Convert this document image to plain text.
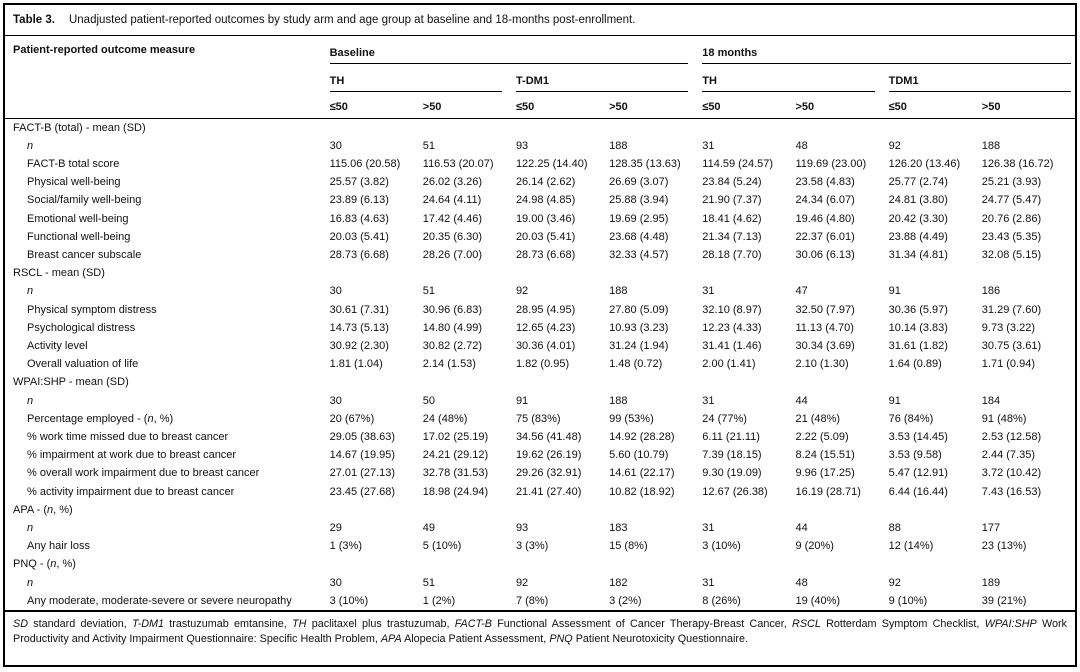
Table 3. Unadjusted patient-reported outcomes by study arm and age group at baseline and 18-months post-enrollment.
Patient-reported outcome measure	Baseline				18 months			

	TH		T-DM1		TH		TDM1	

	≤50	>50	≤50	>50	≤50	>50	≤50	>50
FACT-B (total) - mean (SD)								
n	30	51	93	188	31	48	92	188
FACT-B total score	115.06 (20.58)	116.53 (20.07)	122.25 (14.40)	128.35 (13.63)	114.59 (24.57)	119.69 (23.00)	126.20 (13.46)	126.38 (16.72)
Physical well-being	25.57 (3.82)	26.02 (3.26)	26.14 (2.62)	26.69 (3.07)	23.84 (5.24)	23.58 (4.83)	25.77 (2.74)	25.21 (3.93)
Social/family well-being	23.89 (6.13)	24.64 (4.11)	24.98 (4.85)	25.88 (3.94)	21.90 (7.37)	24.34 (6.07)	24.81 (3.80)	24.77 (5.47)
Emotional well-being	16.83 (4.63)	17.42 (4.46)	19.00 (3.46)	19.69 (2.95)	18.41 (4.62)	19.46 (4.80)	20.42 (3.30)	20.76 (2.86)
Functional well-being	20.03 (5.41)	20.35 (6.30)	20.03 (5.41)	23.68 (4.48)	21.34 (7.13)	22.37 (6.01)	23.88 (4.49)	23.43 (5.35)
Breast cancer subscale	28.73 (6.68)	28.26 (7.00)	28.73 (6.68)	32.33 (4.57)	28.18 (7.70)	30.06 (6.13)	31.34 (4.81)	32.08 (5.15)
RSCL - mean (SD)								
n	30	51	92	188	31	47	91	186
Physical symptom distress	30.61 (7.31)	30.96 (6.83)	28.95 (4.95)	27.80 (5.09)	32.10 (8.97)	32.50 (7.97)	30.36 (5.97)	31.29 (7.60)
Psychological distress	14.73 (5.13)	14.80 (4.99)	12.65 (4.23)	10.93 (3.23)	12.23 (4.33)	11.13 (4.70)	10.14 (3.83)	9.73 (3.22)
Activity level	30.92 (2.30)	30.82 (2.72)	30.36 (4.01)	31.24 (1.94)	31.41 (1.46)	30.34 (3.69)	31.61 (1.82)	30.75 (3.61)
Overall valuation of life	1.81 (1.04)	2.14 (1.53)	1.82 (0.95)	1.48 (0.72)	2.00 (1.41)	2.10 (1.30)	1.64 (0.89)	1.71 (0.94)
WPAI:SHP - mean (SD)								
n	30	50	91	188	31	44	91	184
Percentage employed - (n, %)	20 (67%)	24 (48%)	75 (83%)	99 (53%)	24 (77%)	21 (48%)	76 (84%)	91 (48%)
% work time missed due to breast cancer	29.05 (38.63)	17.02 (25.19)	34.56 (41.48)	14.92 (28.28)	6.11 (21.11)	2.22 (5.09)	3.53 (14.45)	2.53 (12.58)
% impairment at work due to breast cancer	14.67 (19.95)	24.21 (29.12)	19.62 (26.19)	5.60 (10.79)	7.39 (18.15)	8.24 (15.51)	3.53 (9.58)	2.44 (7.35)
% overall work impairment due to breast cancer	27.01 (27.13)	32.78 (31.53)	29.26 (32.91)	14.61 (22.17)	9.30 (19.09)	9.96 (17.25)	5.47 (12.91)	3.72 (10.42)
% activity impairment due to breast cancer	23.45 (27.68)	18.98 (24.94)	21.41 (27.40)	10.82 (18.92)	12.67 (26.38)	16.19 (28.71)	6.44 (16.44)	7.43 (16.53)
APA - (n, %)								
n	29	49	93	183	31	44	88	177
Any hair loss	1 (3%)	5 (10%)	3 (3%)	15 (8%)	3 (10%)	9 (20%)	12 (14%)	23 (13%)
PNQ - (n, %)								
n	30	51	92	182	31	48	92	189
Any moderate, moderate-severe or severe neuropathy	3 (10%)	1 (2%)	7 (8%)	3 (2%)	8 (26%)	19 (40%)	9 (10%)	39 (21%)
SD standard deviation, T-DM1 trastuzumab emtansine, TH paclitaxel plus trastuzumab, FACT-B Functional Assessment of Cancer Therapy-Breast Cancer, RSCL Rotterdam Symptom Checklist, WPAI:SHP Work Productivity and Activity Impairment Questionnaire: Specific Health Problem, APA Alopecia Patient Assessment, PNQ Patient Neurotoxicity Questionnaire.
